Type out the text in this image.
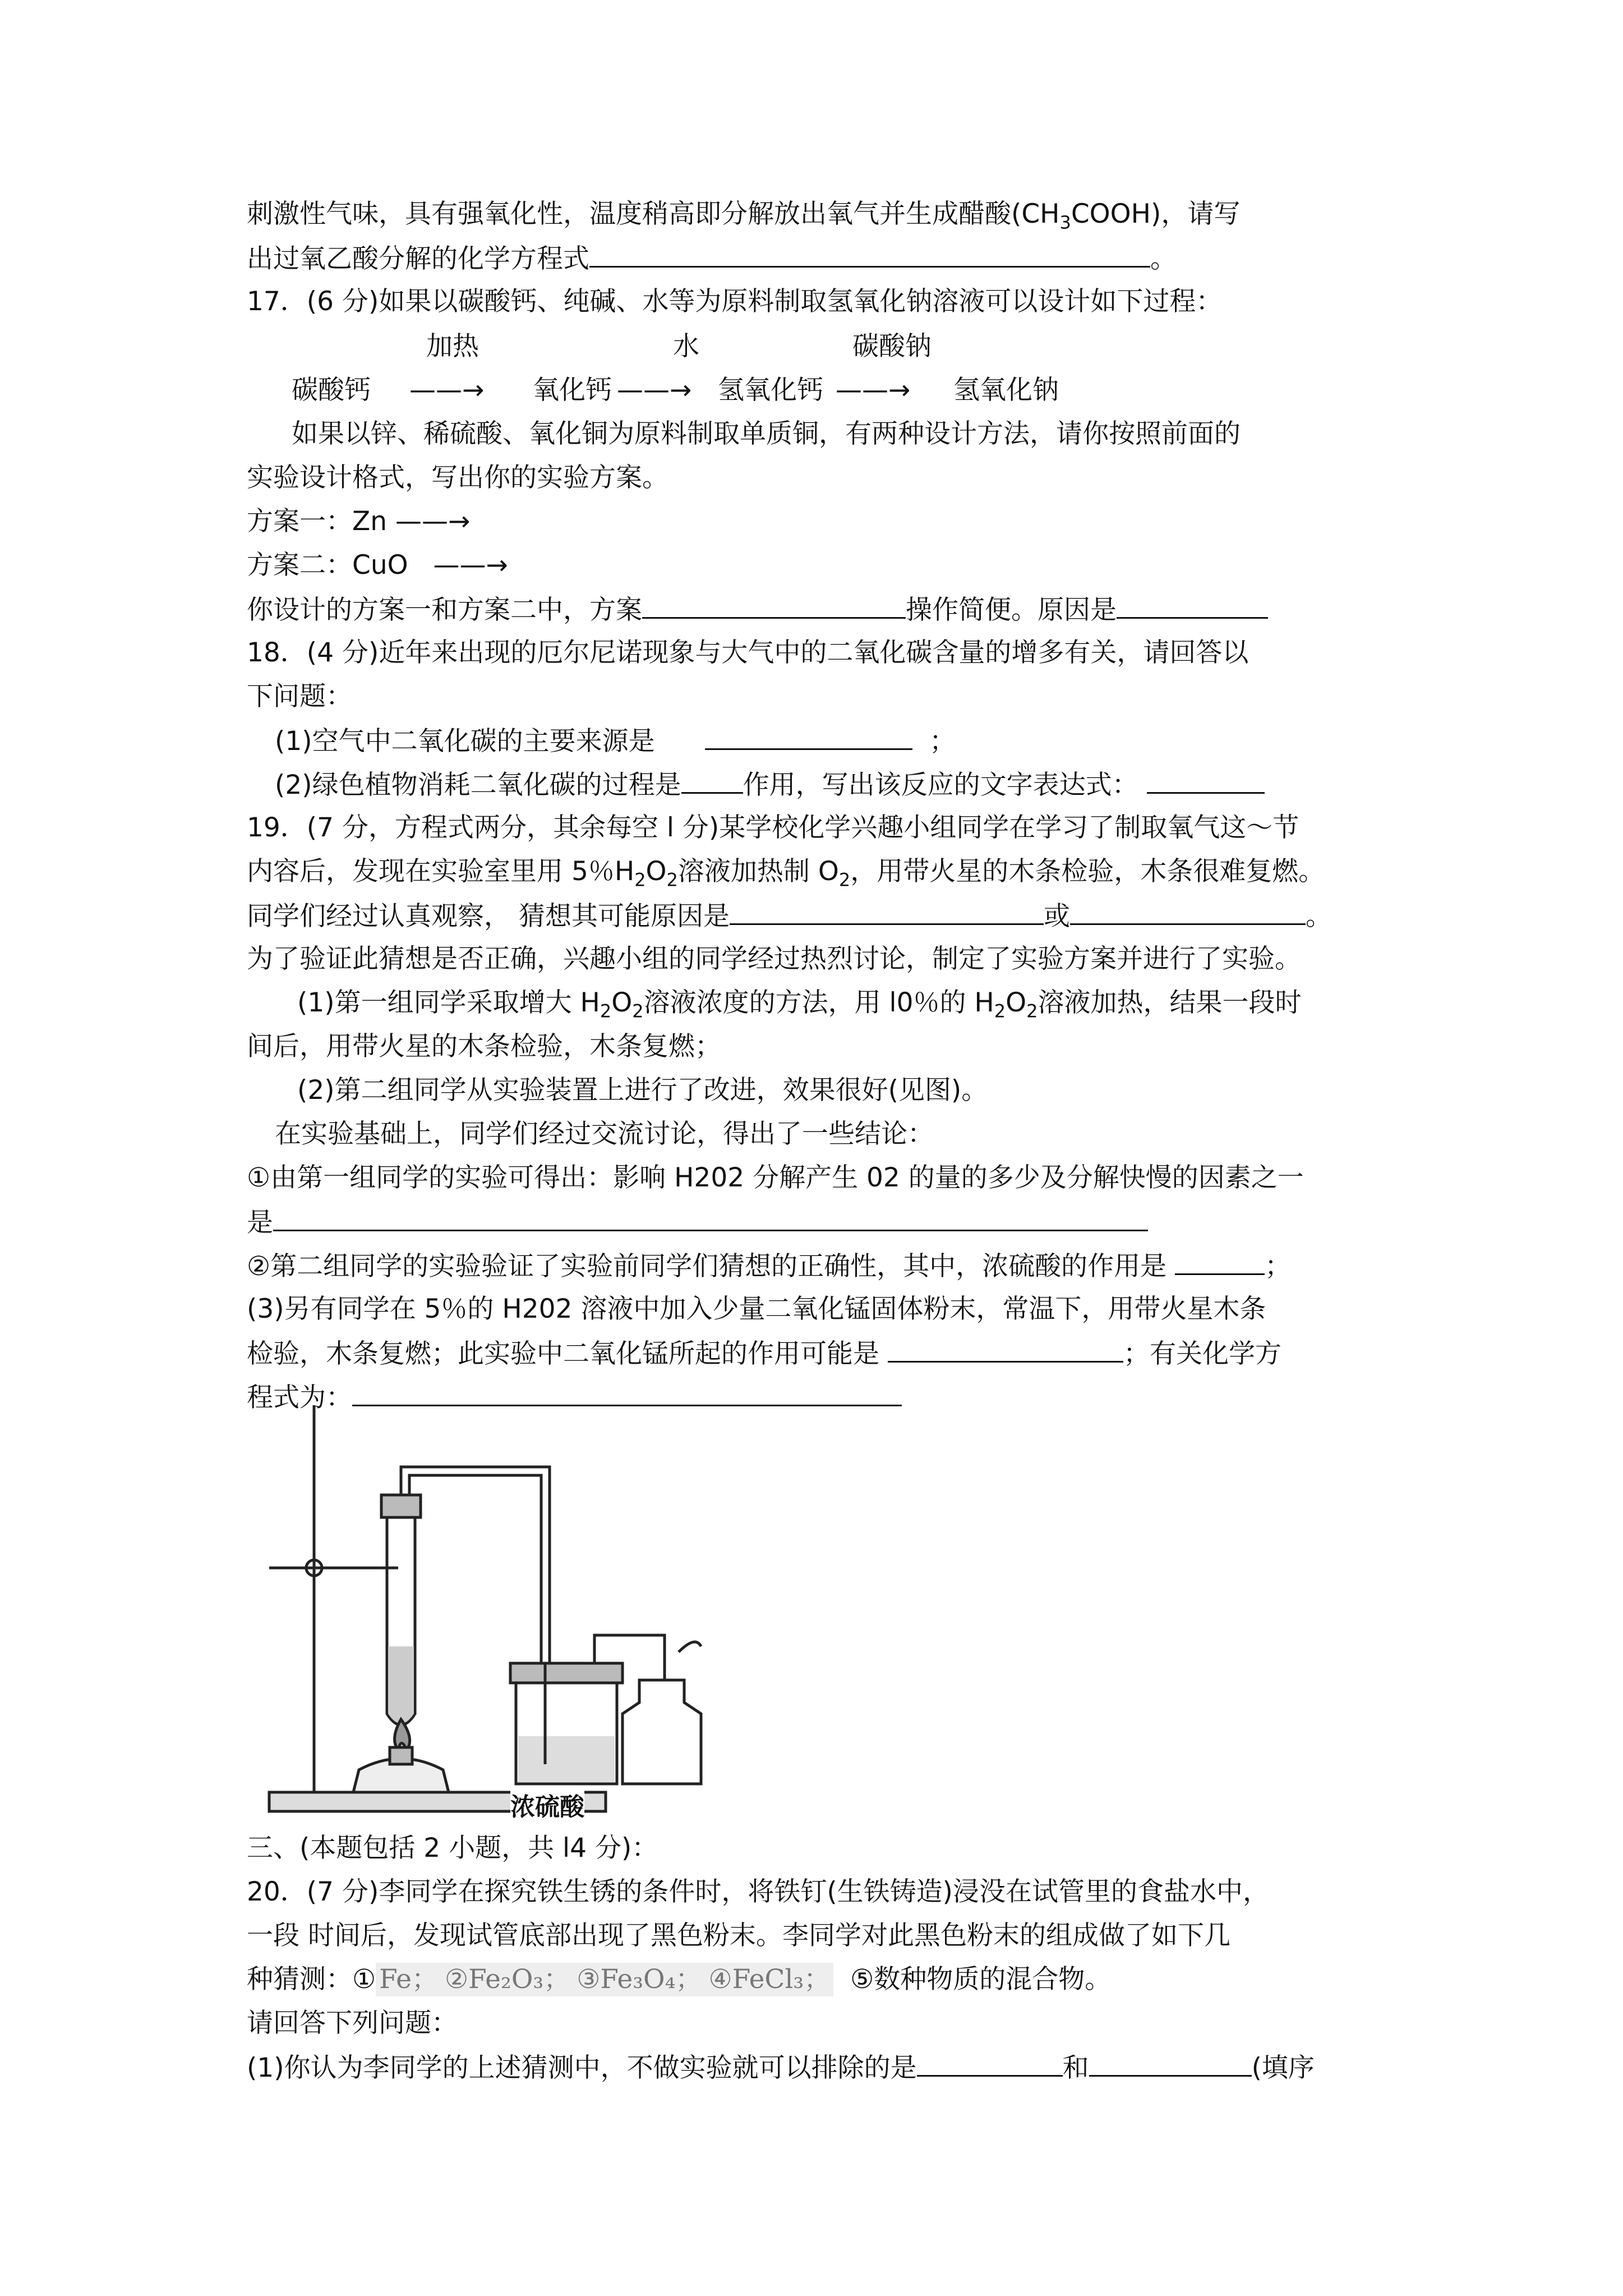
刺激性气味，具有强氧化性，温度稍高即分解放出氧气并生成醋酸$(CH_3COOH)$，请写
出过氧乙酸分解的化学方程式	。
17．(6 分)如果以碳酸钙、纯碱、水等为原料制取氢氧化钠溶液可以设计如下过程：
加热	水	碳酸钠
碳酸钙 ——→ 氧化钙 ——→ 氢氧化钙 ——→ 氢氧化钠
如果以锌、稀硫酸、氧化铜为原料制取单质铜，有两种设计方法，请你按照前面的
实验设计格式，写出你的实验方案。
方案一：Zn ——→
方案二：CuO ——→
你设计的方案一和方案二中，方案	操作简便。原因是
18．(4 分)近年来出现的厄尔尼诺现象与大气中的二氧化碳含量的增多有关，请回答以
下问题：
(1)空气中二氧化碳的主要来源是	；
(2)绿色植物消耗二氧化碳的过程是 作用，写出该反应的文字表达式：
19．(7 分，方程式两分，其余每空 l 分)某学校化学兴趣小组同学在学习了制取氧气这～节
内容后，发现在实验室里用 5％$H_2O_2$溶液加热制 $O_2$，用带火星的木条检验，木条很难复燃。
同学们经过认真观察， 猜想其可能原因是	或	。
为了验证此猜想是否正确，兴趣小组的同学经过热烈讨论，制定了实验方案并进行了实验。
(1)第一组同学采取增大 $H_2O_2$溶液浓度的方法，用 l0％的 $H_2O_2$溶液加热，结果一段时
间后，用带火星的木条检验，木条复燃；
(2)第二组同学从实验装置上进行了改进，效果很好(见图)。
在实验基础上，同学们经过交流讨论，得出了一些结论：
①由第一组同学的实验可得出：影响 H202 分解产生 02 的量的多少及分解快慢的因素之一
是
②第二组同学的实验验证了实验前同学们猜想的正确性，其中，浓硫酸的作用是	；
(3)另有同学在 5％的 H202 溶液中加入少量二氧化锰固体粉末，常温下，用带火星木条
检验，木条复燃；此实验中二氧化锰所起的作用可能是	；有关化学方
程式为：
浓硫酸
三、(本题包括 2 小题，共 l4 分)：
20．(7 分)李同学在探究铁生锈的条件时，将铁钉(生铁铸造)浸没在试管里的食盐水中，
一段 时间后，发现试管底部出现了黑色粉末。李同学对此黑色粉末的组成做了如下几
种猜测：① Fe； ②Fe₂O₃； ③Fe₃O₄； ④FeCl₃； ⑤数种物质的混合物。
请回答下列问题：
(1)你认为李同学的上述猜测中，不做实验就可以排除的是	和	(填序
